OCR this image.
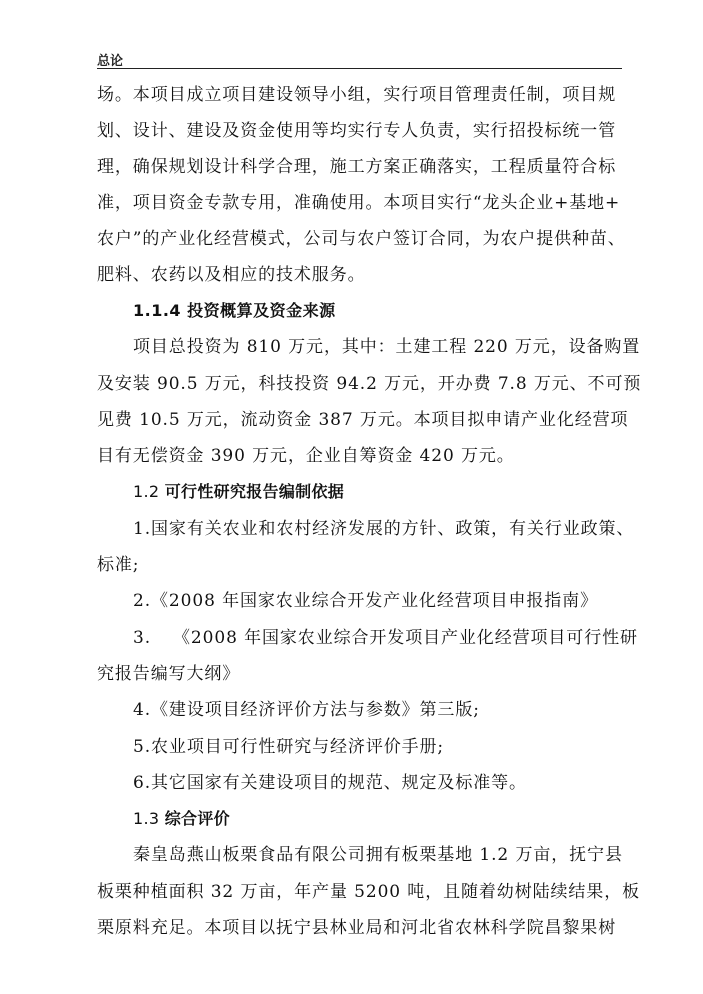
总论
场。本项目成立项目建设领导小组，实行项目管理责任制，项目规
划、设计、建设及资金使用等均实行专人负责，实行招投标统一管
理，确保规划设计科学合理，施工方案正确落实，工程质量符合标
准，项目资金专款专用，准确使用。本项目实行“龙头企业+基地+
农户”的产业化经营模式，公司与农户签订合同，为农户提供种苗、
肥料、农药以及相应的技术服务。
1.1.4 投资概算及资金来源
项目总投资为 810 万元，其中：土建工程 220 万元，设备购置
及安装 90.5 万元，科技投资 94.2 万元，开办费 7.8 万元、不可预
见费 10.5 万元，流动资金 387 万元。本项目拟申请产业化经营项
目有无偿资金 390 万元，企业自筹资金 420 万元。
1.2 可行性研究报告编制依据
1.国家有关农业和农村经济发展的方针、政策，有关行业政策、
标准;
2.《2008 年国家农业综合开发产业化经营项目申报指南》
3. 《2008 年国家农业综合开发项目产业化经营项目可行性研
究报告编写大纲》
4.《建设项目经济评价方法与参数》第三版;
5.农业项目可行性研究与经济评价手册;
6.其它国家有关建设项目的规范、规定及标准等。
1.3 综合评价
秦皇岛燕山板栗食品有限公司拥有板栗基地 1.2 万亩，抚宁县
板栗种植面积 32 万亩，年产量 5200 吨，且随着幼树陆续结果，板
栗原料充足。本项目以抚宁县林业局和河北省农林科学院昌黎果树
